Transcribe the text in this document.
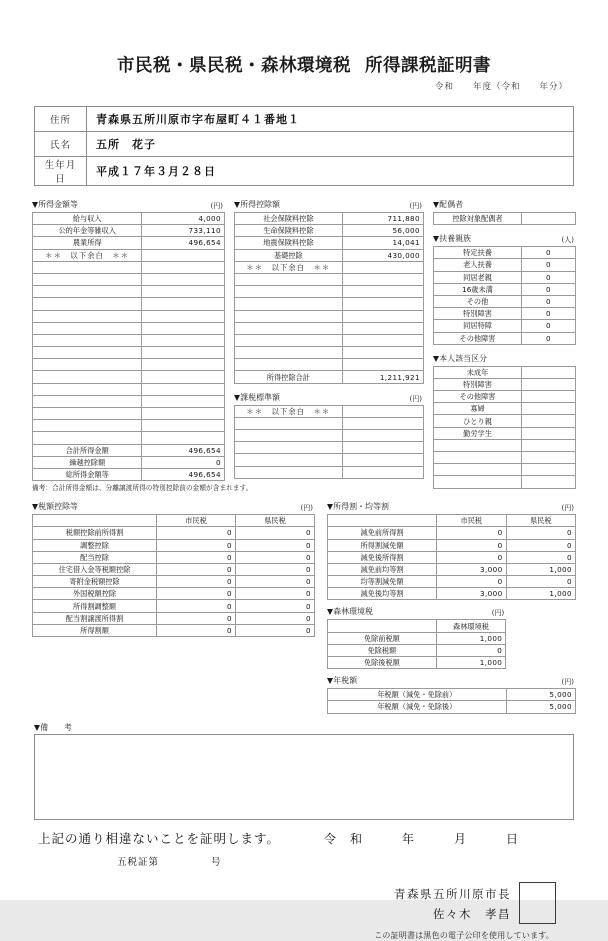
市民税・県民税・森林環境税 所得課税証明書
令和　　年度（令和　　年分）
住所	青森県五所川原市字布屋町４１番地１
氏名	五所　花子
生年月日	平成１７年３月２８日
▼所得金額等	(円)
給与収入	4,000
公的年金等雑収入	733,110
農業所得	496,654
＊＊　以下余白　＊＊	

合計所得金額	496,654
繰越控除額	0
総所得金額等	496,654
備考：合計所得金額は、分離譲渡所得の特別控除前の金額が含まれます。
▼所得控除額	(円)
社会保険料控除	711,880
生命保険料控除	56,000
地震保険料控除	14,041
基礎控除	430,000
＊＊　以下余白　＊＊	

所得控除合計	1,211,921
▼課税標準額	(円)
＊＊　以下余白　＊＊	

▼配偶者
控除対象配偶者	
▼扶養親族	(人)
特定扶養	0
老人扶養	0
同居老親	0
16歳未満	0
その他	0
特別障害	0
同居特障	0
その他障害	0
▼本人該当区分
未成年	
特別障害	
その他障害	
寡婦	
ひとり親	
勤労学生	

▼税額控除等	(円)
	市民税	県民税
税額控除前所得割	0	0
調整控除	0	0
配当控除	0	0
住宅借入金等税額控除	0	0
寄附金税額控除	0	0
外国税額控除	0	0
所得割調整額	0	0
配当割譲渡所得割	0	0
所得割額	0	0
▼所得割・均等割	(円)
	市民税	県民税
減免前所得割	0	0
所得割減免額	0	0
減免後所得割	0	0
減免前均等割	3,000	1,000
均等割減免額	0	0
減免後均等割	3,000	1,000
▼森林環境税	(円)
	森林環境税
免除前税額	1,000
免除税額	0
免除後税額	1,000
▼年税額	(円)
年税額（減免・免除前）	5,000
年税額（減免・免除後）	5,000
▼備　　考
上記の通り相違ないことを証明します。	令　和　　　年　　　月　　　日
五税証第	号
青森県五所川原市長
佐々木　孝昌
この証明書は黒色の電子公印を使用しています。
